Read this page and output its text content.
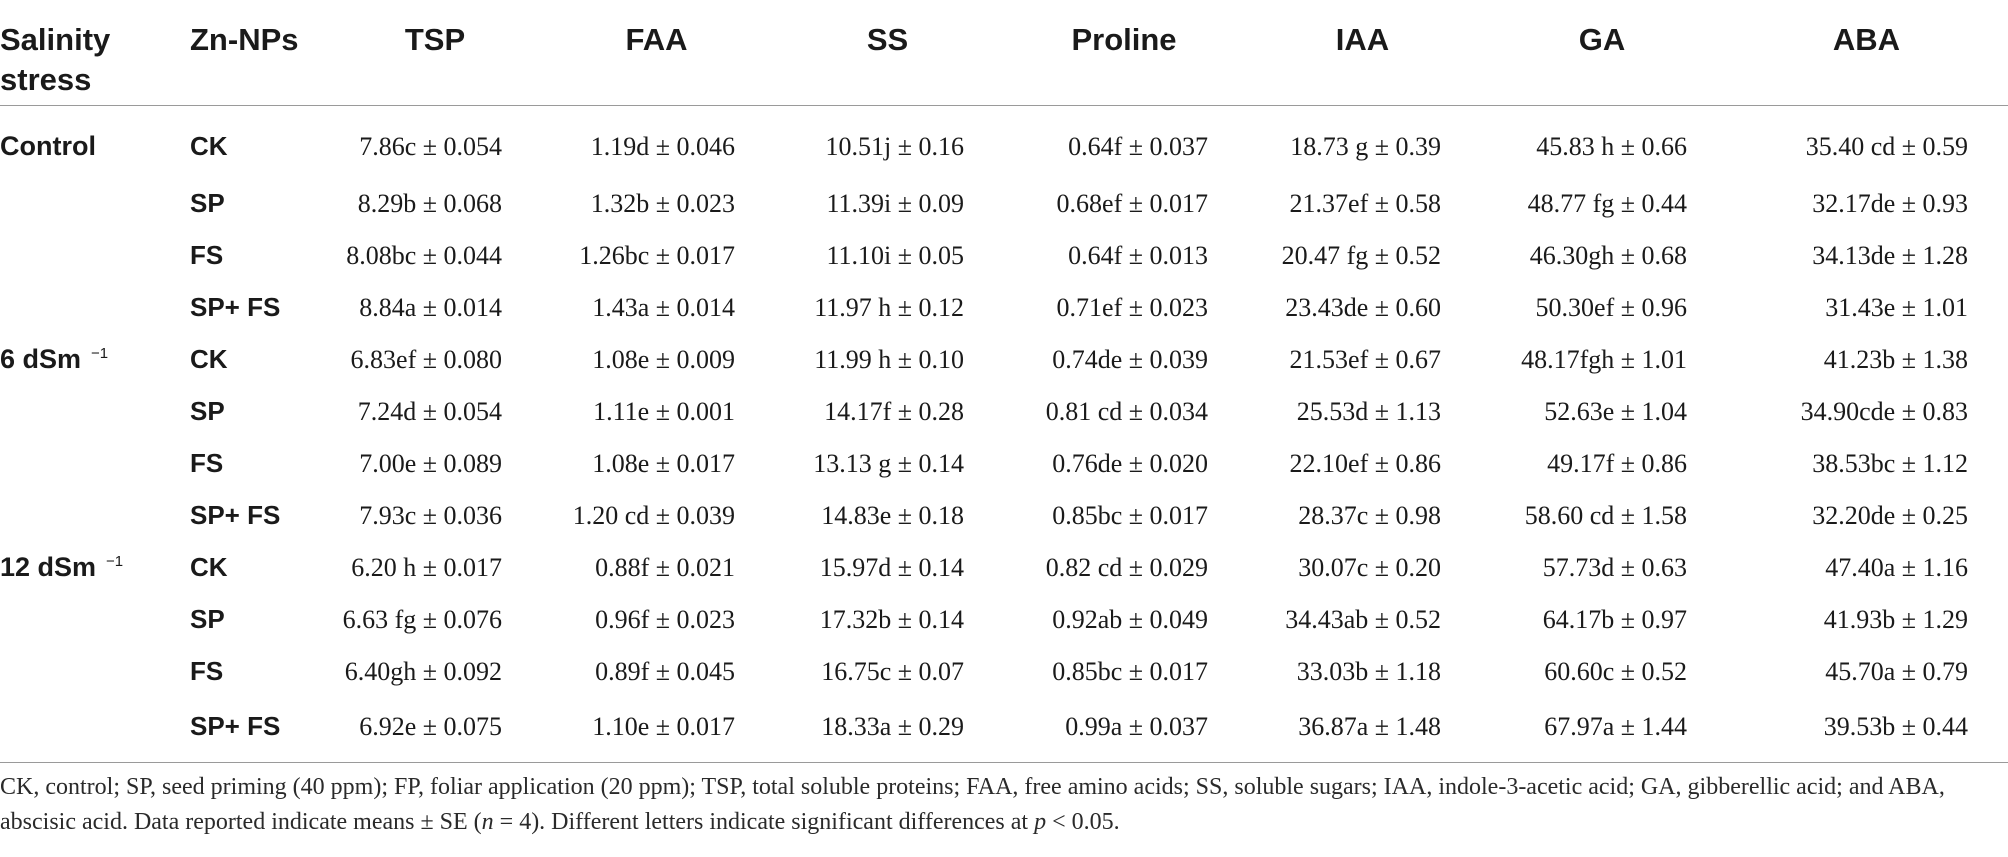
Salinity
stress	Zn-NPs	TSP	FAA	SS	Proline	IAA	GA	ABA
Control	CK	7.86c ± 0.054	1.19d ± 0.046	10.51j ± 0.16	0.64f ± 0.037	18.73 g ± 0.39	45.83 h ± 0.66	35.40 cd ± 0.59
	SP	8.29b ± 0.068	1.32b ± 0.023	11.39i ± 0.09	0.68ef ± 0.017	21.37ef ± 0.58	48.77 fg ± 0.44	32.17de ± 0.93
	FS	8.08bc ± 0.044	1.26bc ± 0.017	11.10i ± 0.05	0.64f ± 0.013	20.47 fg ± 0.52	46.30gh ± 0.68	34.13de ± 1.28
	SP+ FS	8.84a ± 0.014	1.43a ± 0.014	11.97 h ± 0.12	0.71ef ± 0.023	23.43de ± 0.60	50.30ef ± 0.96	31.43e ± 1.01
6 dSm $^{-1}$	CK	6.83ef ± 0.080	1.08e ± 0.009	11.99 h ± 0.10	0.74de ± 0.039	21.53ef ± 0.67	48.17fgh ± 1.01	41.23b ± 1.38
	SP	7.24d ± 0.054	1.11e ± 0.001	14.17f ± 0.28	0.81 cd ± 0.034	25.53d ± 1.13	52.63e ± 1.04	34.90cde ± 0.83
	FS	7.00e ± 0.089	1.08e ± 0.017	13.13 g ± 0.14	0.76de ± 0.020	22.10ef ± 0.86	49.17f ± 0.86	38.53bc ± 1.12
	SP+ FS	7.93c ± 0.036	1.20 cd ± 0.039	14.83e ± 0.18	0.85bc ± 0.017	28.37c ± 0.98	58.60 cd ± 1.58	32.20de ± 0.25
12 dSm $^{-1}$	CK	6.20 h ± 0.017	0.88f ± 0.021	15.97d ± 0.14	0.82 cd ± 0.029	30.07c ± 0.20	57.73d ± 0.63	47.40a ± 1.16
	SP	6.63 fg ± 0.076	0.96f ± 0.023	17.32b ± 0.14	0.92ab ± 0.049	34.43ab ± 0.52	64.17b ± 0.97	41.93b ± 1.29
	FS	6.40gh ± 0.092	0.89f ± 0.045	16.75c ± 0.07	0.85bc ± 0.017	33.03b ± 1.18	60.60c ± 0.52	45.70a ± 0.79
	SP+ FS	6.92e ± 0.075	1.10e ± 0.017	18.33a ± 0.29	0.99a ± 0.037	36.87a ± 1.48	67.97a ± 1.44	39.53b ± 0.44
CK, control; SP, seed priming (40 ppm); FP, foliar application (20 ppm); TSP, total soluble proteins; FAA, free amino acids; SS, soluble sugars; IAA, indole-3-acetic acid; GA, gibberellic acid; and ABA, abscisic acid. Data reported indicate means ± SE (n = 4). Different letters indicate significant differences at p < 0.05.
